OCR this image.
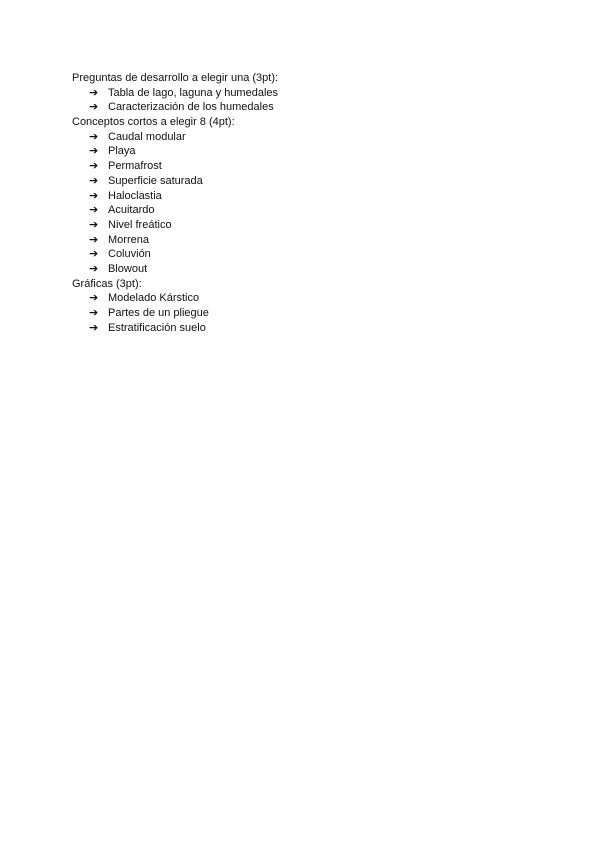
Preguntas de desarrollo a elegir una (3pt):
➔ Tabla de lago, laguna y humedales
➔ Caracterización de los humedales
Conceptos cortos a elegir 8 (4pt):
➔ Caudal modular
➔ Playa
➔ Permafrost
➔ Superficie saturada
➔ Haloclastia
➔ Acuitardo
➔ Nivel freático
➔ Morrena
➔ Coluvión
➔ Blowout
Gráficas (3pt):
➔ Modelado Kárstico
➔ Partes de un pliegue
➔ Estratificación suelo
